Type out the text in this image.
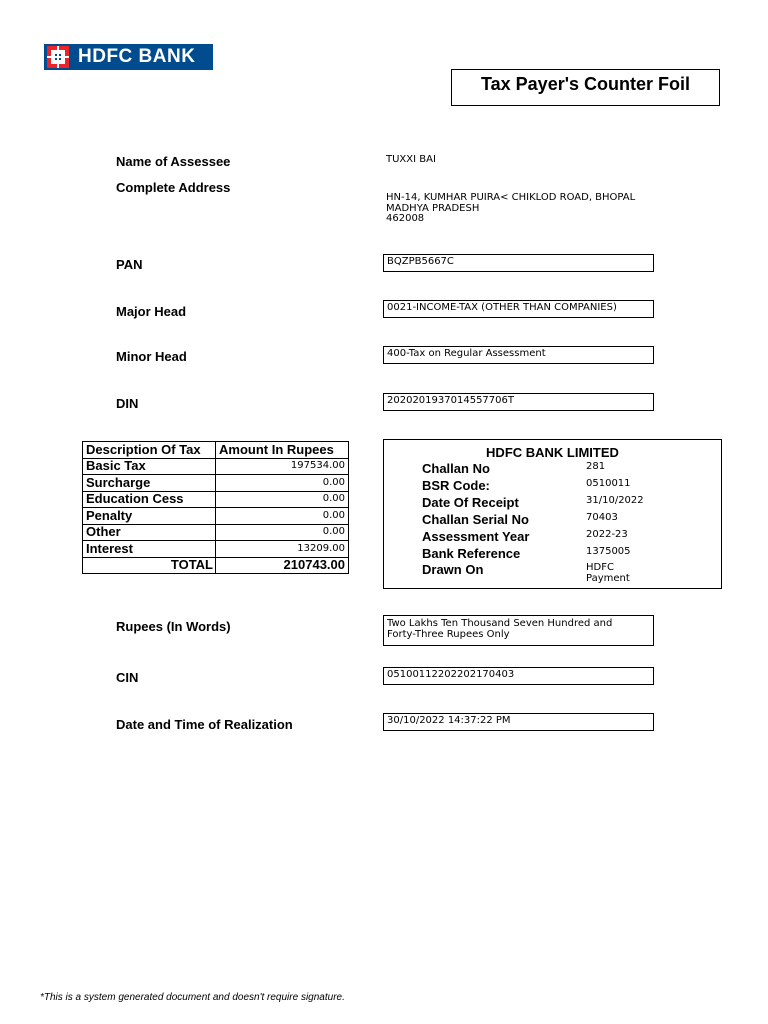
HDFC BANK
Tax Payer's Counter Foil
Name of Assessee	TUXXI BAI
Complete Address
HN-14, KUMHAR PUIRA< CHIKLOD ROAD, BHOPAL
MADHYA PRADESH
462008
PAN	BQZPB5667C
Major Head	0021-INCOME-TAX (OTHER THAN COMPANIES)
Minor Head	400-Tax on Regular Assessment
DIN	2020201937014557706T
Description Of Tax	Amount In Rupees
Basic Tax	197534.00
Surcharge	0.00
Education Cess	0.00
Penalty	0.00
Other	0.00
Interest	13209.00
TOTAL	210743.00
HDFC BANK LIMITED
Challan No	281
BSR Code:	0510011
Date Of Receipt	31/10/2022
Challan Serial No	70403
Assessment Year	2022-23
Bank Reference	1375005
Drawn On	HDFC
Payment
Rupees (In Words)	Two Lakhs Ten Thousand Seven Hundred and
Forty-Three Rupees Only
CIN	05100112202202170403
Date and Time of Realization	30/10/2022 14:37:22 PM
*This is a system generated document and doesn't require signature.
